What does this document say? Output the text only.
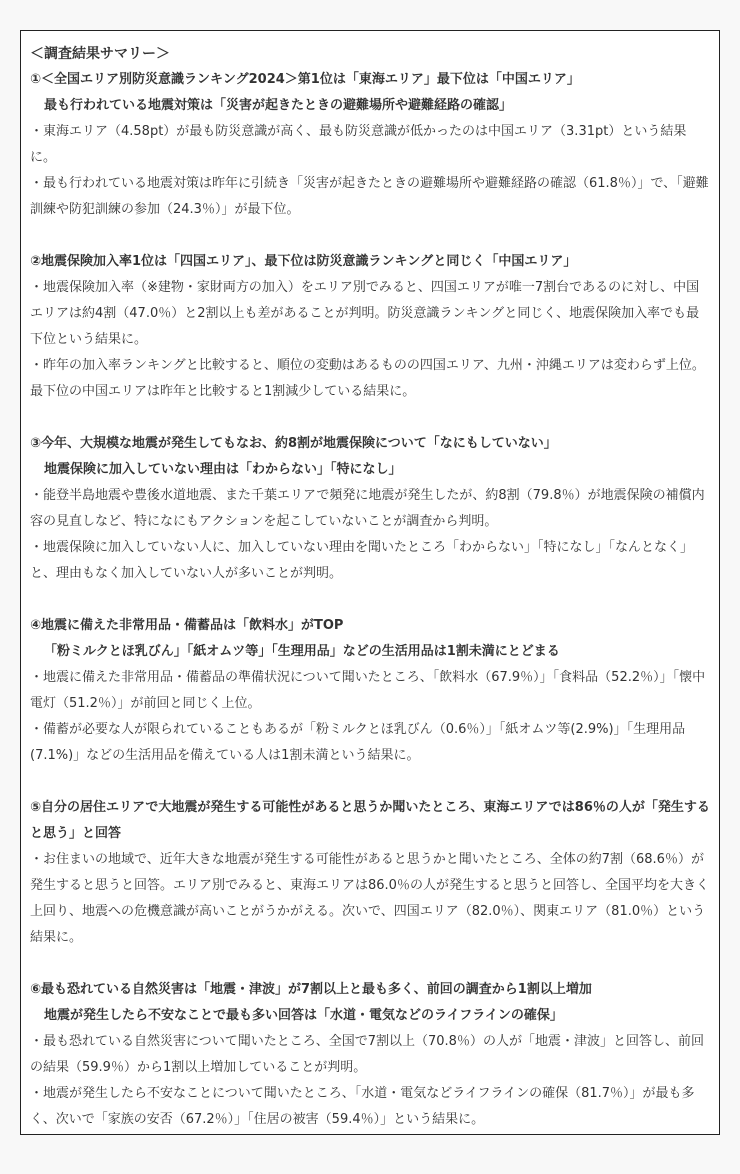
＜調査結果サマリー＞

①＜全国エリア別防災意識ランキング2024＞第1位は「東海エリア」最下位は「中国エリア」

最も行われている地震対策は「災害が起きたときの避難場所や避難経路の確認」

・東海エリア（4.58pt）が最も防災意識が高く、最も防災意識が低かったのは中国エリア（3.31pt）という結果に。

・最も行われている地震対策は昨年に引続き「災害が起きたときの避難場所や避難経路の確認（61.8％）」で、「避難訓練や防犯訓練の参加（24.3％）」が最下位。

②地震保険加入率1位は「四国エリア」、最下位は防災意識ランキングと同じく「中国エリア」

・地震保険加入率（※建物・家財両方の加入）をエリア別でみると、四国エリアが唯一7割台であるのに対し、中国エリアは約4割（47.0％）と2割以上も差があることが判明。防災意識ランキングと同じく、地震保険加入率でも最下位という結果に。

・昨年の加入率ランキングと比較すると、順位の変動はあるものの四国エリア、九州・沖縄エリアは変わらず上位。最下位の中国エリアは昨年と比較すると1割減少している結果に。

③今年、大規模な地震が発生してもなお、約8割が地震保険について「なにもしていない」

地震保険に加入していない理由は「わからない」「特になし」

・能登半島地震や豊後水道地震、また千葉エリアで頻発に地震が発生したが、約8割（79.8％）が地震保険の補償内容の見直しなど、特になにもアクションを起こしていないことが調査から判明。

・地震保険に加入していない人に、加入していない理由を聞いたところ「わからない」「特になし」「なんとなく」と、理由もなく加入していない人が多いことが判明。

④地震に備えた非常用品・備蓄品は「飲料水」がTOP

「粉ミルクとほ乳びん」「紙オムツ等」「生理用品」などの生活用品は1割未満にとどまる

・地震に備えた非常用品・備蓄品の準備状況について聞いたところ、「飲料水（67.9％）」「食料品（52.2％）」「懐中電灯（51.2％）」が前回と同じく上位。

・備蓄が必要な人が限られていることもあるが「粉ミルクとほ乳びん（0.6％）」「紙オムツ等(2.9%)」「生理用品(7.1%)」などの生活用品を備えている人は1割未満という結果に。

⑤自分の居住エリアで大地震が発生する可能性があると思うか聞いたところ、東海エリアでは86％の人が「発生すると思う」と回答

・お住まいの地域で、近年大きな地震が発生する可能性があると思うかと聞いたところ、全体の約7割（68.6％）が発生すると思うと回答。エリア別でみると、東海エリアは86.0％の人が発生すると思うと回答し、全国平均を大きく上回り、地震への危機意識が高いことがうかがえる。次いで、四国エリア（82.0％）、関東エリア（81.0％）という結果に。

⑥最も恐れている自然災害は「地震・津波」が7割以上と最も多く、前回の調査から1割以上増加

地震が発生したら不安なことで最も多い回答は「水道・電気などのライフラインの確保」

・最も恐れている自然災害について聞いたところ、全国で7割以上（70.8％）の人が「地震・津波」と回答し、前回の結果（59.9％）から1割以上増加していることが判明。

・地震が発生したら不安なことについて聞いたところ、「水道・電気などライフラインの確保（81.7％）」が最も多く、次いで「家族の安否（67.2％）」「住居の被害（59.4％）」という結果に。
